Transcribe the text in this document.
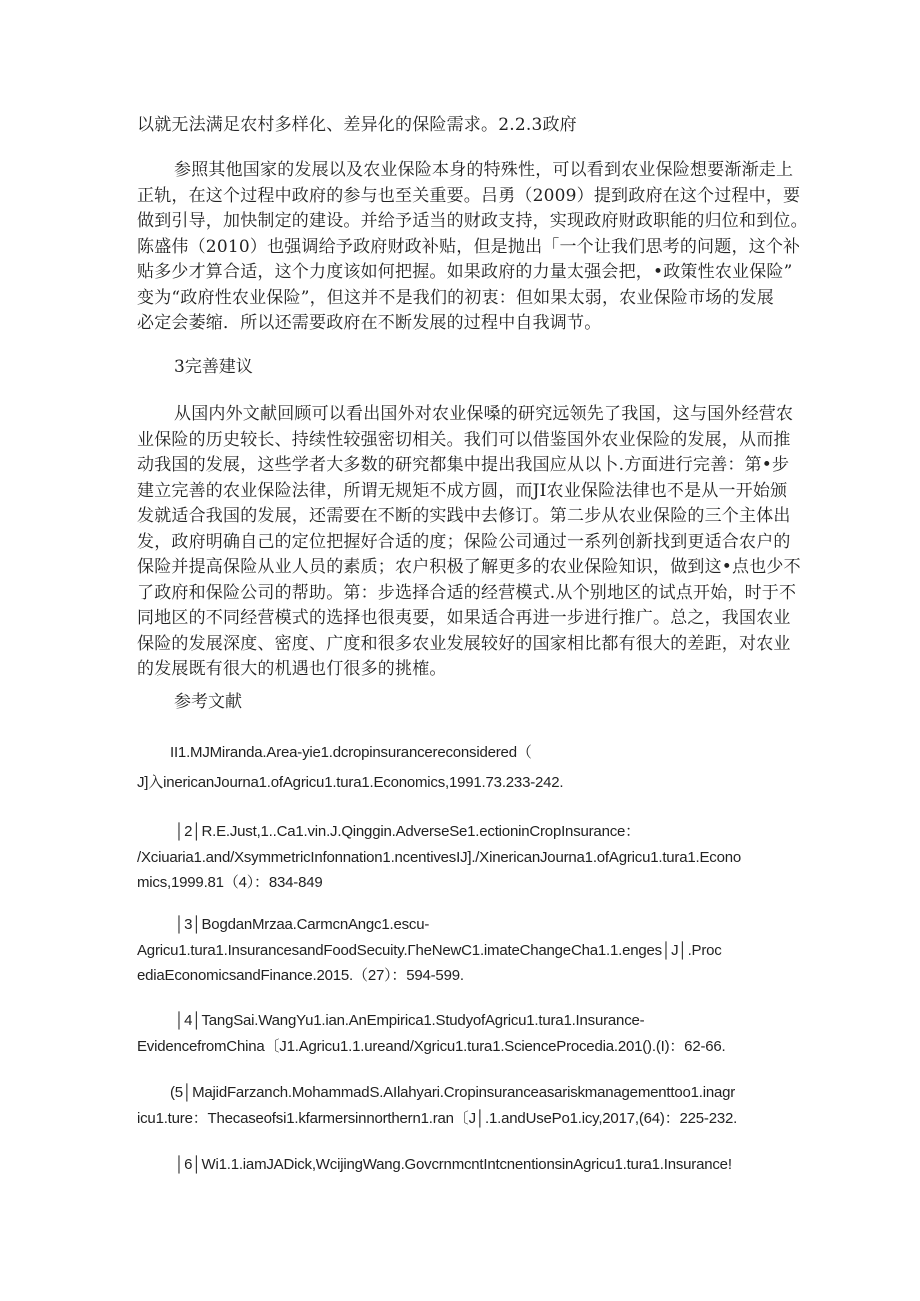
以就无法满足农村多样化、差异化的保险需求。2.2.3政府
参照其他国家的发展以及农业保险本身的特殊性，可以看到农业保险想要渐渐走上
正轨，在这个过程中政府的参与也至关重要。吕勇（2009）提到政府在这个过程中，要
做到引导，加快制定的建设。并给予适当的财政支持，实现政府财政职能的归位和到位。
陈盛伟（2010）也强调给予政府财政补贴，但是抛出「一个让我们思考的问题，这个补
贴多少才算合适，这个力度该如何把握。如果政府的力量太强会把，•政策性农业保险”
变为“政府性农业保险”，但这并不是我们的初衷：但如果太弱，农业保险市场的发展
必定会萎缩．所以还需要政府在不断发展的过程中自我调节。
3完善建议
从国内外文献回顾可以看出国外对农业保嗓的研究远领先了我国，这与国外经营农
业保险的历史较长、持续性较强密切相关。我们可以借鉴国外农业保险的发展，从而推
动我国的发展，这些学者大多数的研究都集中提出我国应从以卜.方面进行完善：第•步
建立完善的农业保险法律，所谓无规矩不成方圆，而JI农业保险法律也不是从一开始颁
发就适合我国的发展，还需要在不断的实践中去修订。第二步从农业保险的三个主体出
发，政府明确自己的定位把握好合适的度；保险公司通过一系列创新找到更适合农户的
保险并提高保险从业人员的素质；农户积极了解更多的农业保险知识，做到这•点也少不
了政府和保险公司的帮助。第：步选择合适的经营模式.从个别地区的试点开始，时于不
同地区的不同经营模式的选择也很夷要，如果适合再进一步进行推广。总之，我国农业
保险的发展深度、密度、广度和很多农业发展较好的国家相比都有很大的差距，对农业
的发展既有很大的机遇也仃很多的挑榷。
参考文献
II1.MJMiranda.Area-yie1.dcropinsurancereconsidered（
J]入inericanJourna1.ofAgricu1.tura1.Economics,1991.73.233-242.
│2│R.E.Just,1..Ca1.vin.J.Qinggin.AdverseSe1.ectioninCropInsurance：
/Xciuaria1.and/XsymmetricInfonnation1.ncentivesIJ]./XinericanJourna1.ofAgricu1.tura1.Econo
mics,1999.81（4）：834-849
│3│BogdanMrzaa.CarmcnAngc1.escu-
Agricu1.tura1.InsurancesandFoodSecuity.ΓheNewC1.imateChangeCha1.1.enges│J│.Proc
ediaEconomicsandFinance.2015.（27）：594-599.
│4│TangSai.WangYu1.ian.AnEmpirica1.StudyofAgricu1.tura1.Insurance-
EvidencefromChina〔J1.Agricu1.1.ureand/Xgricu1.tura1.ScienceProcedia.201().(I)：62-66.
(5│MajidFarzanch.MohammadS.AIlahyari.Cropinsuranceasariskmanagementtoo1.inagr
icu1.ture：Thecaseofsi1.kfarmersinnorthern1.ran〔J│.1.andUsePo1.icy,2017,(64)：225-232.
│6│Wi1.1.iamJADick,WcijingWang.GovcrnmcntIntcnentionsinAgricu1.tura1.Insurance!
